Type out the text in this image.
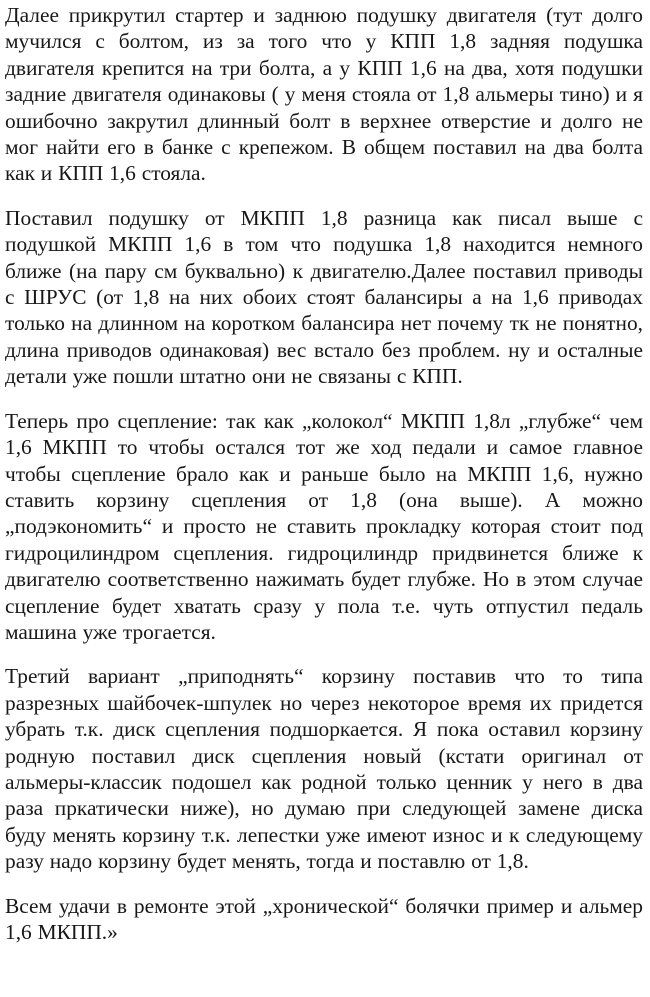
Далее прикрутил стартер и заднюю подушку двигателя (тут долго мучился с болтом, из за того что у КПП 1,8 задняя подушка двигателя крепится на три болта, а у КПП 1,6 на два, хотя подушки задние двигателя одинаковы ( у меня стояла от 1,8 альмеры тино) и я ошибочно закрутил длинный болт в верхнее отверстие и долго не мог найти его в банке с крепежом. В общем поставил на два болта как и КПП 1,6 стояла.

Поставил подушку от МКПП 1,8 разница как писал выше с подушкой МКПП 1,6 в том что подушка 1,8 находится немного ближе (на пару см буквально) к двигателю.Далее поставил приводы с ШРУС (от 1,8 на них обоих стоят балансиры а на 1,6 приводах только на длинном на коротком балансира нет почему тк не понятно, длина приводов одинаковая) вес встало без проблем. ну и осталные детали уже пошли штатно они не связаны с КПП.

Теперь про сцепление: так как „колокол“ МКПП 1,8л „глубже“ чем 1,6 МКПП то чтобы остался тот же ход педали и самое главное чтобы сцепление брало как и раньше было на МКПП 1,6, нужно ставить корзину сцепления от 1,8 (она выше). А можно „подэкономить“ и просто не ставить прокладку которая стоит под гидроцилиндром сцепления. гидроцилиндр придвинется ближе к двигателю соответственно нажимать будет глубже. Но в этом случае сцепление будет хватать сразу у пола т.е. чуть отпустил педаль машина уже трогается.

Третий вариант „приподнять“ корзину поставив что то типа разрезных шайбочек-шпулек но через некоторое время их придется убрать т.к. диск сцепления подшоркается. Я пока оставил корзину родную поставил диск сцепления новый (кстати оригинал от альмеры-классик подошел как родной только ценник у него в два раза пркатически ниже), но думаю при следующей замене диска буду менять корзину т.к. лепестки уже имеют износ и к следующему разу надо корзину будет менять, тогда и поставлю от 1,8.

Всем удачи в ремонте этой „хронической“ болячки пример и альмер 1,6 МКПП.»
